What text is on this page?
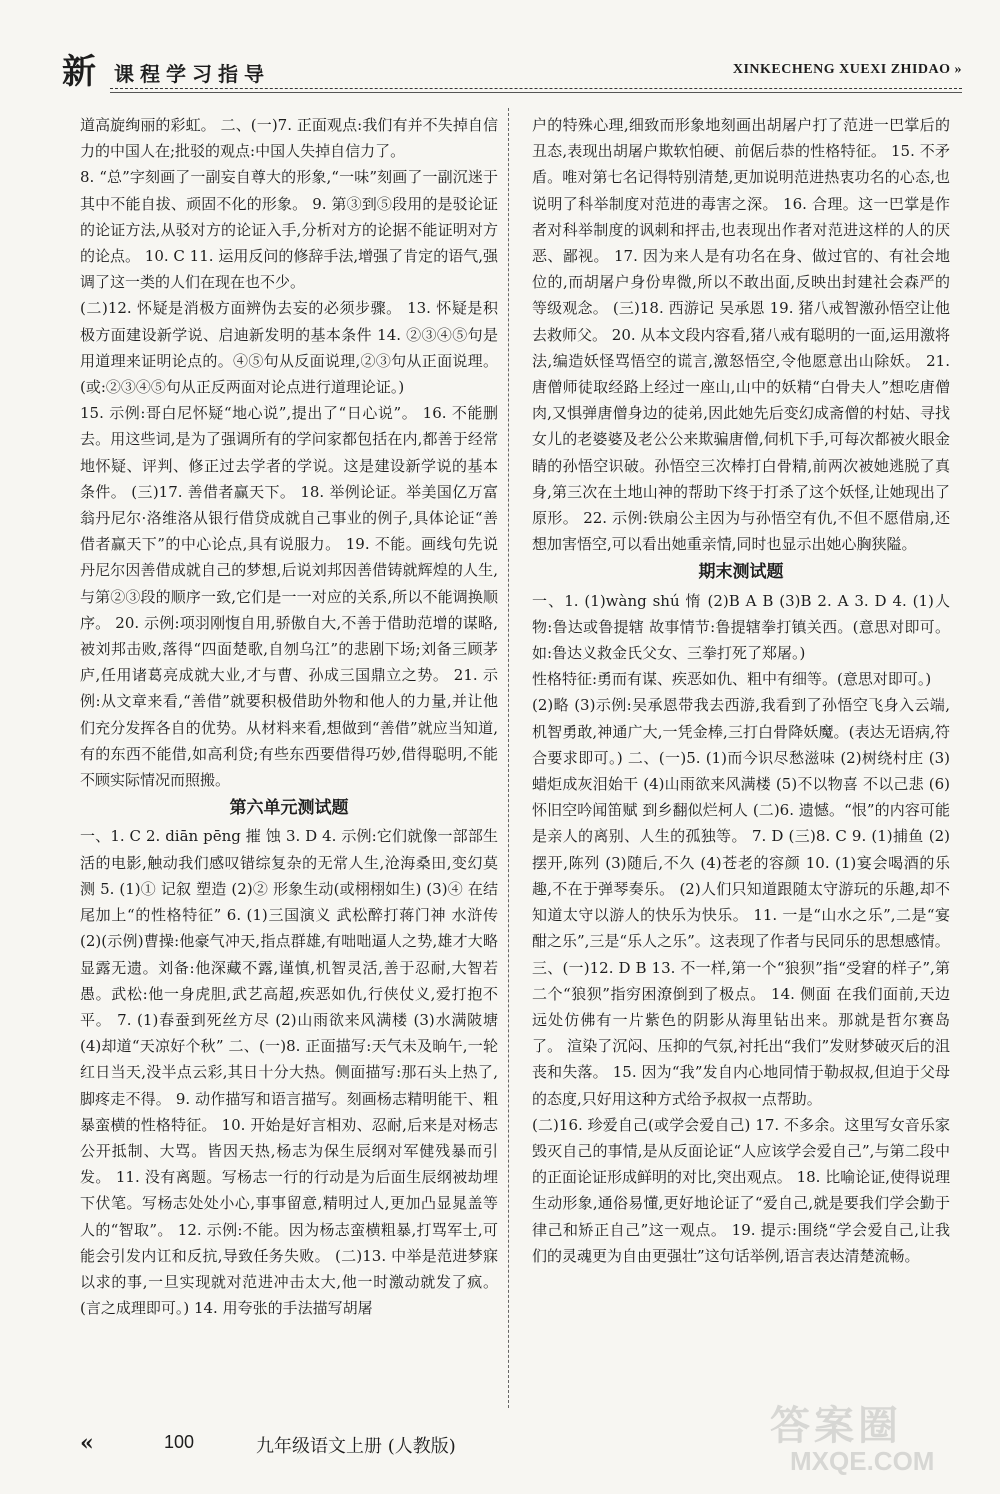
新 课程学习指导	XINKECHENG XUEXI ZHIDAO »

道高旋绚丽的彩虹。 二、(一)7. 正面观点:我们有并不失掉自信力的中国人在;批驳的观点:中国人失掉自信力了。

8. “总”字刻画了一副妄自尊大的形象,“一味”刻画了一副沉迷于其中不能自拔、顽固不化的形象。 9. 第③到⑤段用的是驳论证的论证方法,从驳对方的论证入手,分析对方的论据不能证明对方的论点。 10. C 11. 运用反问的修辞手法,增强了肯定的语气,强调了这一类的人们在现在也不少。

(二)12. 怀疑是消极方面辨伪去妄的必须步骤。 13. 怀疑是积极方面建设新学说、启迪新发明的基本条件 14. ②③④⑤句是用道理来证明论点的。④⑤句从反面说理,②③句从正面说理。(或:②③④⑤句从正反两面对论点进行道理论证。)

15. 示例:哥白尼怀疑“地心说”,提出了“日心说”。 16. 不能删去。用这些词,是为了强调所有的学问家都包括在内,都善于经常地怀疑、评判、修正过去学者的学说。这是建设新学说的基本条件。 (三)17. 善借者赢天下。 18. 举例论证。举美国亿万富翁丹尼尔·洛维洛从银行借贷成就自己事业的例子,具体论证“善借者赢天下”的中心论点,具有说服力。 19. 不能。画线句先说丹尼尔因善借成就自己的梦想,后说刘邦因善借铸就辉煌的人生,与第②③段的顺序一致,它们是一一对应的关系,所以不能调换顺序。 20. 示例:项羽刚愎自用,骄傲自大,不善于借助范增的谋略,被刘邦击败,落得“四面楚歌,自刎乌江”的悲剧下场;刘备三顾茅庐,任用诸葛亮成就大业,才与曹、孙成三国鼎立之势。 21. 示例:从文章来看,“善借”就要积极借助外物和他人的力量,并让他们充分发挥各自的优势。从材料来看,想做到“善借”就应当知道,有的东西不能借,如高利贷;有些东西要借得巧妙,借得聪明,不能不顾实际情况而照搬。

第六单元测试题

一、1. C 2. diān pēng 摧 蚀 3. D 4. 示例:它们就像一部部生活的电影,触动我们感叹错综复杂的无常人生,沧海桑田,变幻莫测 5. (1)① 记叙 塑造 (2)② 形象生动(或栩栩如生) (3)④ 在结尾加上“的性格特征” 6. (1)三国演义 武松醉打蒋门神 水浒传 (2)(示例)曹操:他豪气冲天,指点群雄,有咄咄逼人之势,雄才大略显露无遗。刘备:他深藏不露,谨慎,机智灵活,善于忍耐,大智若愚。武松:他一身虎胆,武艺高超,疾恶如仇,行侠仗义,爱打抱不平。 7. (1)春蚕到死丝方尽 (2)山雨欲来风满楼 (3)水满陂塘 (4)却道“天凉好个秋” 二、(一)8. 正面描写:天气未及晌午,一轮红日当天,没半点云彩,其日十分大热。侧面描写:那石头上热了,脚疼走不得。 9. 动作描写和语言描写。刻画杨志精明能干、粗暴蛮横的性格特征。 10. 开始是好言相劝、忍耐,后来是对杨志公开抵制、大骂。皆因天热,杨志为保生辰纲对军健残暴而引发。 11. 没有离题。写杨志一行的行动是为后面生辰纲被劫埋下伏笔。写杨志处处小心,事事留意,精明过人,更加凸显晁盖等人的“智取”。 12. 示例:不能。因为杨志蛮横粗暴,打骂军士,可能会引发内讧和反抗,导致任务失败。 (二)13. 中举是范进梦寐以求的事,一旦实现就对范进冲击太大,他一时激动就发了疯。(言之成理即可。) 14. 用夸张的手法描写胡屠

户的特殊心理,细致而形象地刻画出胡屠户打了范进一巴掌后的丑态,表现出胡屠户欺软怕硬、前倨后恭的性格特征。 15. 不矛盾。唯对第七名记得特别清楚,更加说明范进热衷功名的心态,也说明了科举制度对范进的毒害之深。 16. 合理。这一巴掌是作者对科举制度的讽刺和抨击,也表现出作者对范进这样的人的厌恶、鄙视。 17. 因为来人是有功名在身、做过官的、有社会地位的,而胡屠户身份卑微,所以不敢出面,反映出封建社会森严的等级观念。 (三)18. 西游记 吴承恩 19. 猪八戒智激孙悟空让他去救师父。 20. 从本文段内容看,猪八戒有聪明的一面,运用激将法,编造妖怪骂悟空的谎言,激怒悟空,令他愿意出山除妖。 21. 唐僧师徒取经路上经过一座山,山中的妖精“白骨夫人”想吃唐僧肉,又惧弹唐僧身边的徒弟,因此她先后变幻成斋僧的村姑、寻找女儿的老婆婆及老公公来欺骗唐僧,伺机下手,可每次都被火眼金睛的孙悟空识破。孙悟空三次棒打白骨精,前两次被她逃脱了真身,第三次在土地山神的帮助下终于打杀了这个妖怪,让她现出了原形。 22. 示例:铁扇公主因为与孙悟空有仇,不但不愿借扇,还想加害悟空,可以看出她重亲情,同时也显示出她心胸狭隘。

期末测试题

一、1. (1)wàng shú 惰 (2)B A B (3)B 2. A 3. D 4. (1)人物:鲁达或鲁提辖 故事情节:鲁提辖拳打镇关西。(意思对即可。如:鲁达义救金氏父女、三拳打死了郑屠。)

性格特征:勇而有谋、疾恶如仇、粗中有细等。(意思对即可。)

(2)略 (3)示例:吴承恩带我去西游,我看到了孙悟空飞身入云端,机智勇敢,神通广大,一凭金棒,三打白骨降妖魔。(表达无语病,符合要求即可。) 二、(一)5. (1)而今识尽愁滋味 (2)树绕村庄 (3)蜡炬成灰泪始干 (4)山雨欲来风满楼 (5)不以物喜 不以己悲 (6)怀旧空吟闻笛赋 到乡翻似烂柯人 (二)6. 遗憾。“恨”的内容可能是亲人的离别、人生的孤独等。 7. D (三)8. C 9. (1)捕鱼 (2)摆开,陈列 (3)随后,不久 (4)苍老的容颜 10. (1)宴会喝酒的乐趣,不在于弹琴奏乐。 (2)人们只知道跟随太守游玩的乐趣,却不知道太守以游人的快乐为快乐。 11. 一是“山水之乐”,二是“宴酣之乐”,三是“乐人之乐”。这表现了作者与民同乐的思想感情。

三、(一)12. D B 13. 不一样,第一个“狼狈”指“受窘的样子”,第二个“狼狈”指穷困潦倒到了极点。 14. 侧面 在我们面前,天边远处仿佛有一片紫色的阴影从海里钻出来。那就是哲尔赛岛了。 渲染了沉闷、压抑的气氛,衬托出“我们”发财梦破灭后的沮丧和失落。 15. 因为“我”发自内心地同情于勒叔叔,但迫于父母的态度,只好用这种方式给予叔叔一点帮助。

(二)16. 珍爱自己(或学会爱自己) 17. 不多余。这里写女音乐家毁灭自己的事情,是从反面论证“人应该学会爱自己”,与第二段中的正面论证形成鲜明的对比,突出观点。 18. 比喻论证,使得说理生动形象,通俗易懂,更好地论证了“爱自己,就是要我们学会勤于律己和矫正自己”这一观点。 19. 提示:围绕“学会爱自己,让我们的灵魂更为自由更强壮”这句话举例,语言表达清楚流畅。

«	100	九年级语文上册 (人教版)	答案圈
MXQE.COM
